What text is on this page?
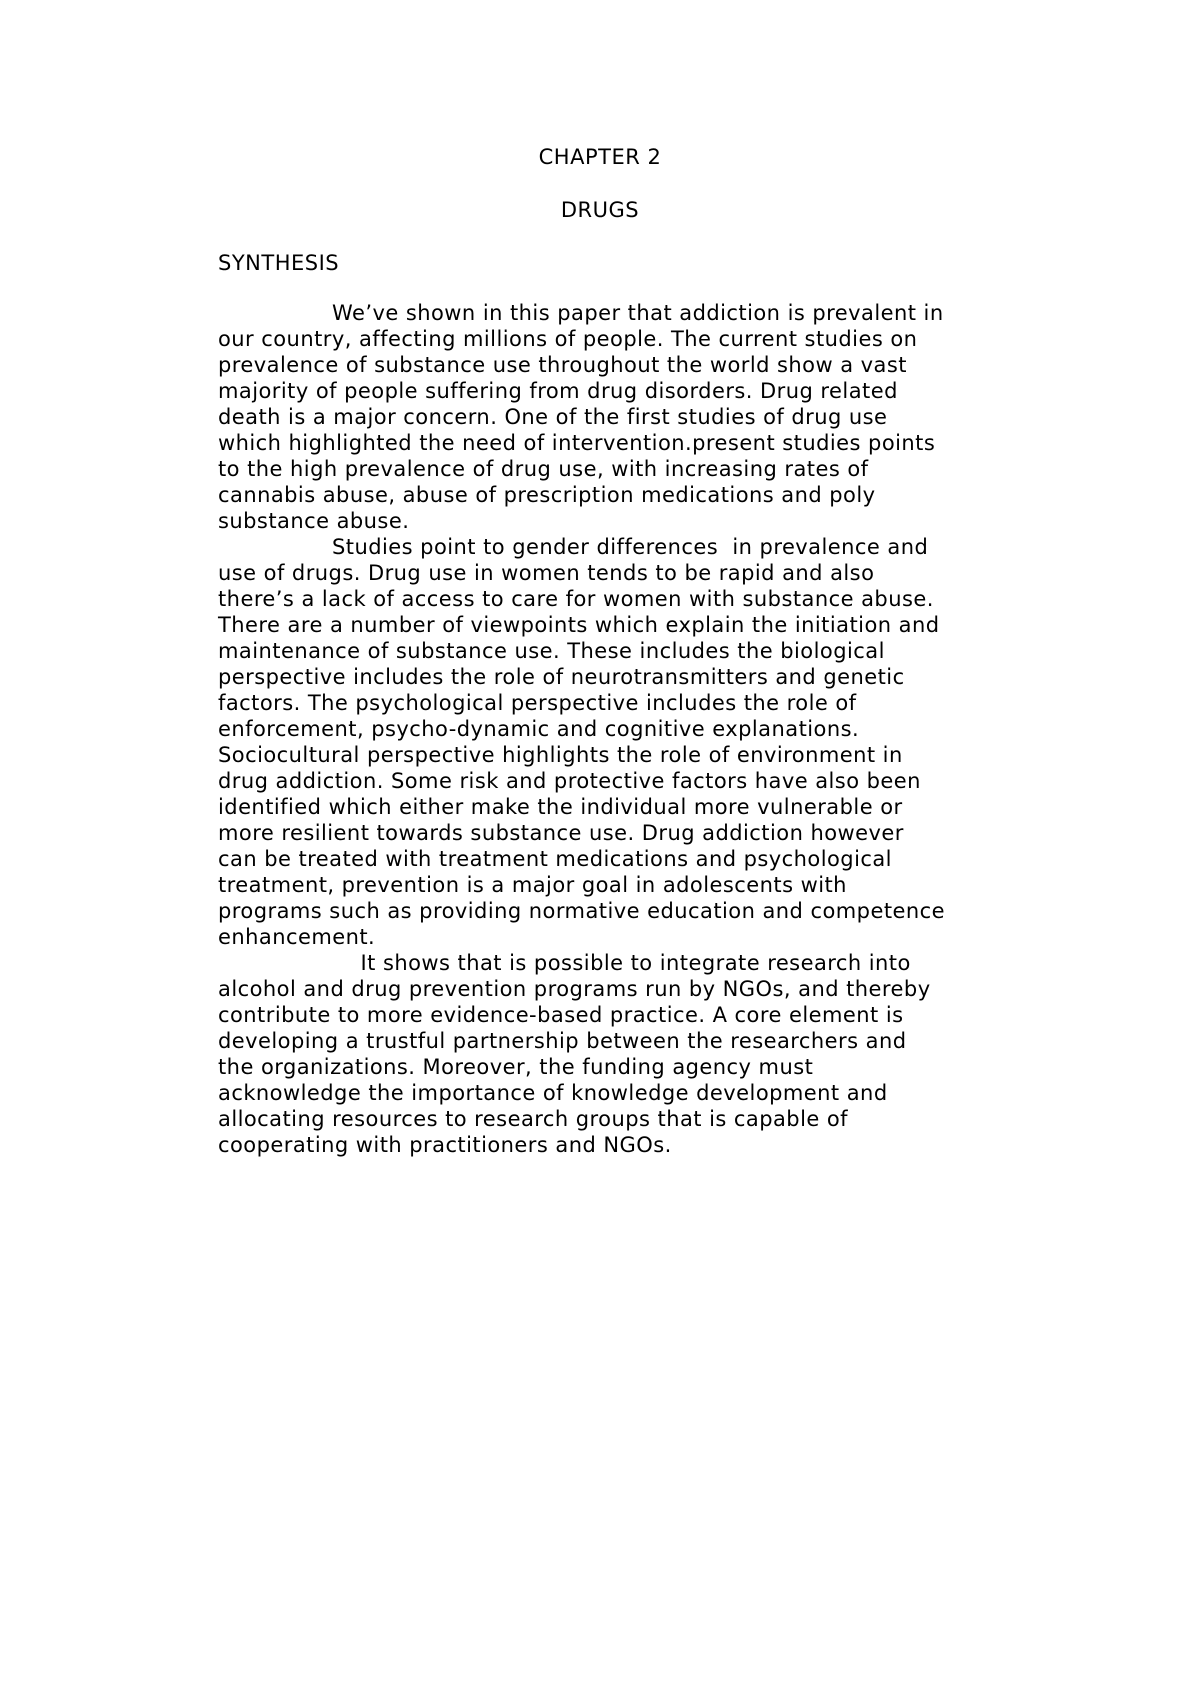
CHAPTER 2
DRUGS
SYNTHESIS
We’ve shown in this paper that addiction is prevalent in
our country, affecting millions of people. The current studies on
prevalence of substance use throughout the world show a vast
majority of people suffering from drug disorders. Drug related
death is a major concern. One of the first studies of drug use
which highlighted the need of intervention.present studies points
to the high prevalence of drug use, with increasing rates of
cannabis abuse, abuse of prescription medications and poly
substance abuse.
Studies point to gender differences  in prevalence and
use of drugs. Drug use in women tends to be rapid and also
there’s a lack of access to care for women with substance abuse.
There are a number of viewpoints which explain the initiation and
maintenance of substance use. These includes the biological
perspective includes the role of neurotransmitters and genetic
factors. The psychological perspective includes the role of
enforcement, psycho-dynamic and cognitive explanations.
Sociocultural perspective highlights the role of environment in
drug addiction. Some risk and protective factors have also been
identified which either make the individual more vulnerable or
more resilient towards substance use. Drug addiction however
can be treated with treatment medications and psychological
treatment, prevention is a major goal in adolescents with
programs such as providing normative education and competence
enhancement.
It shows that is possible to integrate research into
alcohol and drug prevention programs run by NGOs, and thereby
contribute to more evidence-based practice. A core element is
developing a trustful partnership between the researchers and
the organizations. Moreover, the funding agency must
acknowledge the importance of knowledge development and
allocating resources to research groups that is capable of
cooperating with practitioners and NGOs.
